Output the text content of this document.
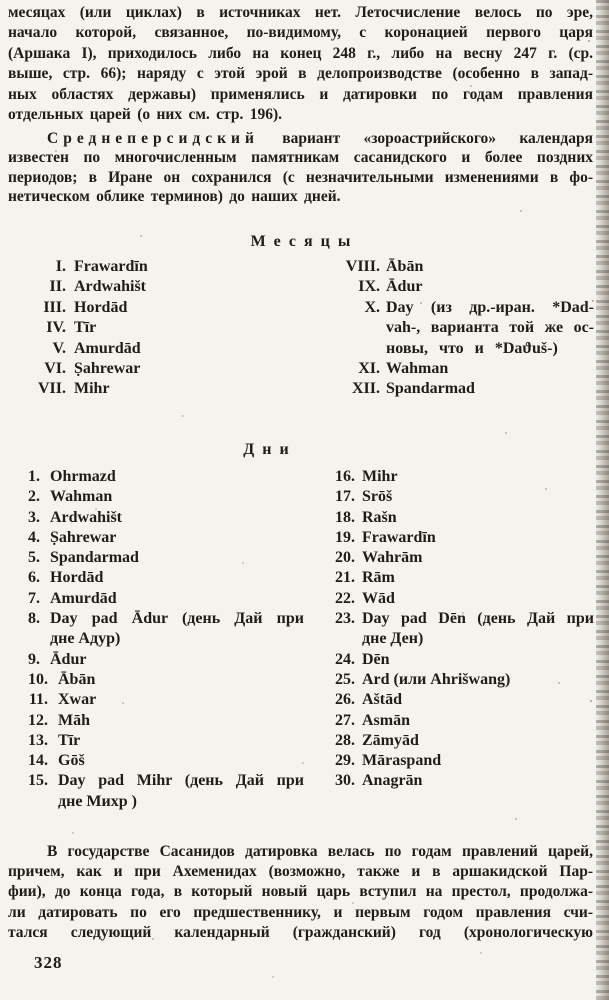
месяцах (или циклах) в источниках нет. Летосчисление велось по эре,
начало которой, связанное, по-видимому, с коронацией первого царя
(Аршака I), приходилось либо на конец 248 г., либо на весну 247 г. (ср.
выше, стр. 66); наряду с этой эрой в делопроизводстве (особенно в запад-
ных областях державы) применялись и датировки по годам правления
отдельных царей (о них см. стр. 196).
Среднеперсидский вариант «зороастрийского» календаря
известен по многочисленным памятникам сасанидского и более поздних
периодов; в Иране он сохранился (с незначительными изменениями в фо-
нетическом облике терминов) до наших дней.
Месяцы
I. Frawardīn
II. Ardwahišt
III. Hordād
IV. Tīr
V. Amurdād
VI. Ṣahrewar
VII. Mihr
VIII. Ābān
IX. Ādur
X. Day (из др.-иран. *Dad-
vah-, варианта той же ос-
новы, что и *Daϑuš-)
XI. Wahman
XII. Spandarmad
Дни
1. Ohrmazd
2. Wahman
3. Ardwahišt
4. Ṣahrewar
5. Spandarmad
6. Hordād
7. Amurdād
8. Day pad Ādur (день Дай при
дне Адур)
9. Ādur
10. Ābān
11. Xwar
12. Māh
13. Tīr
14. Gōš
15. Day pad Mihr (день Дай при
дне Михр )
16. Mihr
17. Srōš
18. Rašn
19. Frawardīn
20. Wahrām
21. Rām
22. Wād
23. Day pad Dēn (день Дай при
дне Ден)
24. Dēn
25. Ard (или Ahrišwang)
26. Aštād
27. Asmān
28. Zāmyād
29. Māraspand
30. Anagrān
В государстве Сасанидов датировка велась по годам правлений царей,
причем, как и при Ахеменидах (возможно, также и в аршакидской Пар-
фии), до конца года, в который новый царь вступил на престол, продолжа-
ли датировать по его предшественнику, и первым годом правления счи-
тался следующий календарный (гражданский) год (хронологическую
328
